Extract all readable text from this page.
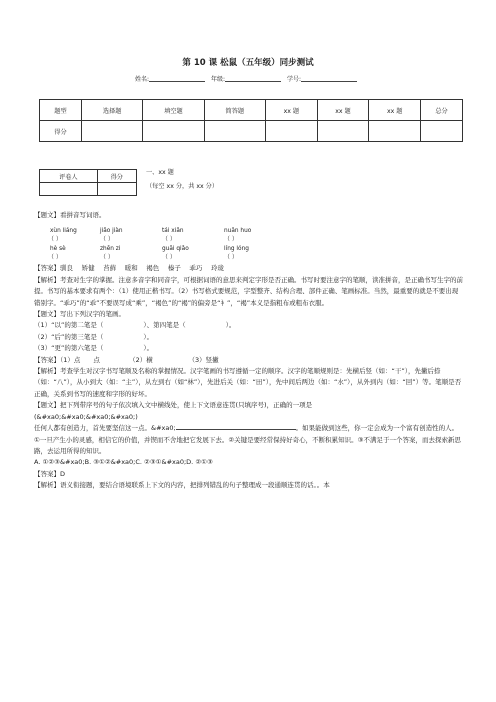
第 10 课 松鼠（五年级）同步测试
姓名:	年级:	学号:
题型	选择题	填空题	简答题	xx 题	xx 题	xx 题	总分
得分							
评卷人	得分

一、xx 题
（每空 xx 分，共 xx 分）

【题文】看拼音写词语。

xùn liáng	jiǎo jiàn	tái xiǎn	nuǎn huo
（ ）	（ ）	（ ）	（ ）
hè sè	zhēn zi	guāi qiǎo	líng lóng
（ ）	（ ）	（ ）	（ ）

【答案】驯良　 矫健　 苔藓　 暖和　 褐色　 榛子　 乖巧　 玲珑

【解析】考查对生字的掌握。注意多音字和同音字，可根据词语的意思来判定字形是否正确。书写时要注意字的笔顺，读准拼音，是正确书写生字的前提。书写的基本要求有两个：（1）使用正楷书写。（2）书写格式要规范，字型整齐、结构合理、部件正确、笔画标准。当然，最重要的就是不要出现错别字。“乖巧”的“乖”不要误写成“乘”，“褐色”的“褐”的偏旁是“衤”，“褐”本义是指粗布或粗布衣服。

【题文】写出下列汉字的笔画。

（1）“以”的第二笔是（	）、第四笔是（	）。

（2）“后”的第三笔是（	）。

（3）“更”的第六笔是（	）。

【答案】（1）点　　点　　　　　（2）横　　　　　　（3）竖撇

【解析】考查学生对汉字书写笔顺及名称的掌握情况。汉字笔画的书写遵循一定的顺序。汉字的笔顺规则是：先横后竖（如：“干”），先撇后捺（如：“八”），从小到大（如：“主”），从左到右（如“林”），先进后关（如：“田”），先中间后两边（如：“水”），从外到内（如：“回”）等。笔顺是否正确，关系到书写的速度和字形的好坏。

【题文】把下列带序号的句子依次填入文中横线处，使上下文语意连贯(只填序号)，正确的一项是

(&#xa0;&#xa0;&#xa0;&#xa0;)

任何人都有创造力，首先要坚信这一点。&#xa0;	。如果能做到这些，你一定会成为一个富有创造性的人。

①一旦产生小的灵感，相信它的价值，并锲而不舍地把它发展下去。②关键是要经常保持好奇心，不断积累知识。③不满足于一个答案，而去探索新思路，去运用所得的知识。

A. ①②③&#xa0;B. ③①②&#xa0;C. ②③①&#xa0;D. ②①③

【答案】D

【解析】语义衔接题，要结合语境联系上下文的内容，把排列错乱的句子整理成一段通顺连贯的话。。本
